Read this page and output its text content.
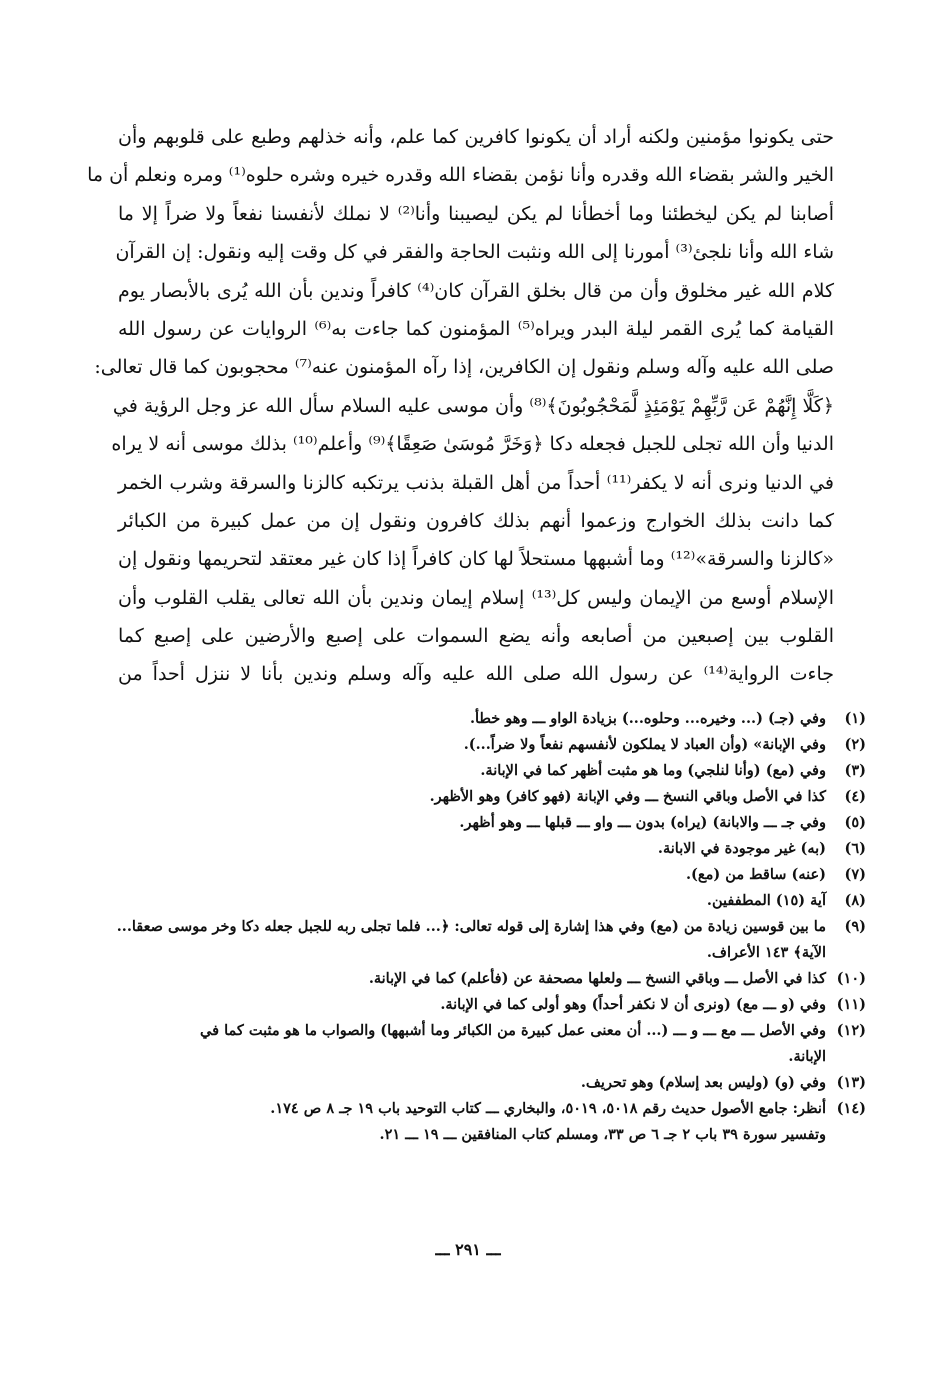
حتى يكونوا مؤمنين ولكنه أراد أن يكونوا كافرين كما علم، وأنه خذلهم وطبع على قلوبهم وأن
الخير والشر بقضاء الله وقدره وأنا نؤمن بقضاء الله وقدره خيره وشره حلوه⁽¹⁾ ومره ونعلم أن ما
أصابنا لم يكن ليخطئنا وما أخطأنا لم يكن ليصيبنا وأنا⁽²⁾ لا نملك لأنفسنا نفعاً ولا ضراً إلا ما
شاء الله وأنا نلجئ⁽³⁾ أمورنا إلى الله ونثبت الحاجة والفقر في كل وقت إليه ونقول: إن القرآن
كلام الله غير مخلوق وأن من قال بخلق القرآن كان⁽⁴⁾ كافراً وندين بأن الله يُرى بالأبصار يوم
القيامة كما يُرى القمر ليلة البدر ويراه⁽⁵⁾ المؤمنون كما جاءت به⁽⁶⁾ الروايات عن رسول الله
صلى الله عليه وآله وسلم ونقول إن الكافرين، إذا رآه المؤمنون عنه⁽⁷⁾ محجوبون كما قال تعالى:
﴿كَلَّا إِنَّهُمْ عَن رَّبِّهِمْ يَوْمَئِذٍ لَّمَحْجُوبُونَ﴾⁽⁸⁾ وأن موسى عليه السلام سأل الله عز وجل الرؤية في
الدنيا وأن الله تجلى للجبل فجعله دكا ﴿وَخَرَّ مُوسَىٰ صَعِقًا﴾⁽⁹⁾ وأعلم⁽¹⁰⁾ بذلك موسى أنه لا يراه
في الدنيا ونرى أنه لا يكفر⁽¹¹⁾ أحداً من أهل القبلة بذنب يرتكبه كالزنا والسرقة وشرب الخمر
كما دانت بذلك الخوارج وزعموا أنهم بذلك كافرون ونقول إن من عمل كبيرة من الكبائر
«كالزنا والسرقة»⁽¹²⁾ وما أشبهها مستحلاً لها كان كافراً إذا كان غير معتقد لتحريمها ونقول إن
الإسلام أوسع من الإيمان وليس كل⁽¹³⁾ إسلام إيمان وندين بأن الله تعالى يقلب القلوب وأن
القلوب بين إصبعين من أصابعه وأنه يضع السموات على إصبع والأرضين على إصبع كما
جاءت الرواية⁽¹⁴⁾ عن رسول الله صلى الله عليه وآله وسلم وندين بأنا لا ننزل أحداً من
(١)
وفي (جـ) (... وخيره... وحلوه...) بزيادة الواو ـــ وهو خطأ.
(٢)
وفي الإبانة» (وأن العباد لا يملكون لأنفسهم نفعاً ولا ضراً...).
(٣)
وفي (مع) (وأنا لنلجي) وما هو مثبت أظهر كما في الإبانة.
(٤)
كذا في الأصل وباقي النسخ ـــ وفي الإبانة (فهو كافر) وهو الأظهر.
(٥)
وفي جـ ـــ والابانة) (يراه) بدون ـــ واو ـــ قبلها ـــ وهو أظهر.
(٦)
(به) غير موجودة في الابانة.
(٧)
(عنه) ساقط من (مع).
(٨)
آية (١٥) المطففين.
(٩)
ما بين قوسين زيادة من (مع) وفي هذا إشارة إلى قوله تعالى: ﴿... فلما تجلى ربه للجبل جعله دكا وخر موسى صعقا...
الآية﴾ ١٤٣ الأعراف.
(١٠)
كذا في الأصل ـــ وباقي النسخ ـــ ولعلها مصحفة عن (فأعلم) كما في الإبانة.
(١١)
وفي (و ـــ مع) (ونرى أن لا نكفر أحداً) وهو أولى كما في الإبانة.
(١٢)
وفي الأصل ـــ مع ـــ و ـــ (... أن معنى عمل كبيرة من الكبائر وما أشبهها) والصواب ما هو مثبت كما في
الإبانة.
(١٣)
وفي (و) (وليس بعد إسلام) وهو تحريف.
(١٤)
أنظر: جامع الأصول حديث رقم ٥٠١٨، ٥٠١٩، والبخاري ـــ كتاب التوحيد باب ١٩ جـ ٨ ص ١٧٤.
وتفسير سورة ٣٩ باب ٢ جـ ٦ ص ٣٣، ومسلم كتاب المنافقين ـــ ١٩ ـــ ٢١.
ـــ ٢٩١ ـــ
